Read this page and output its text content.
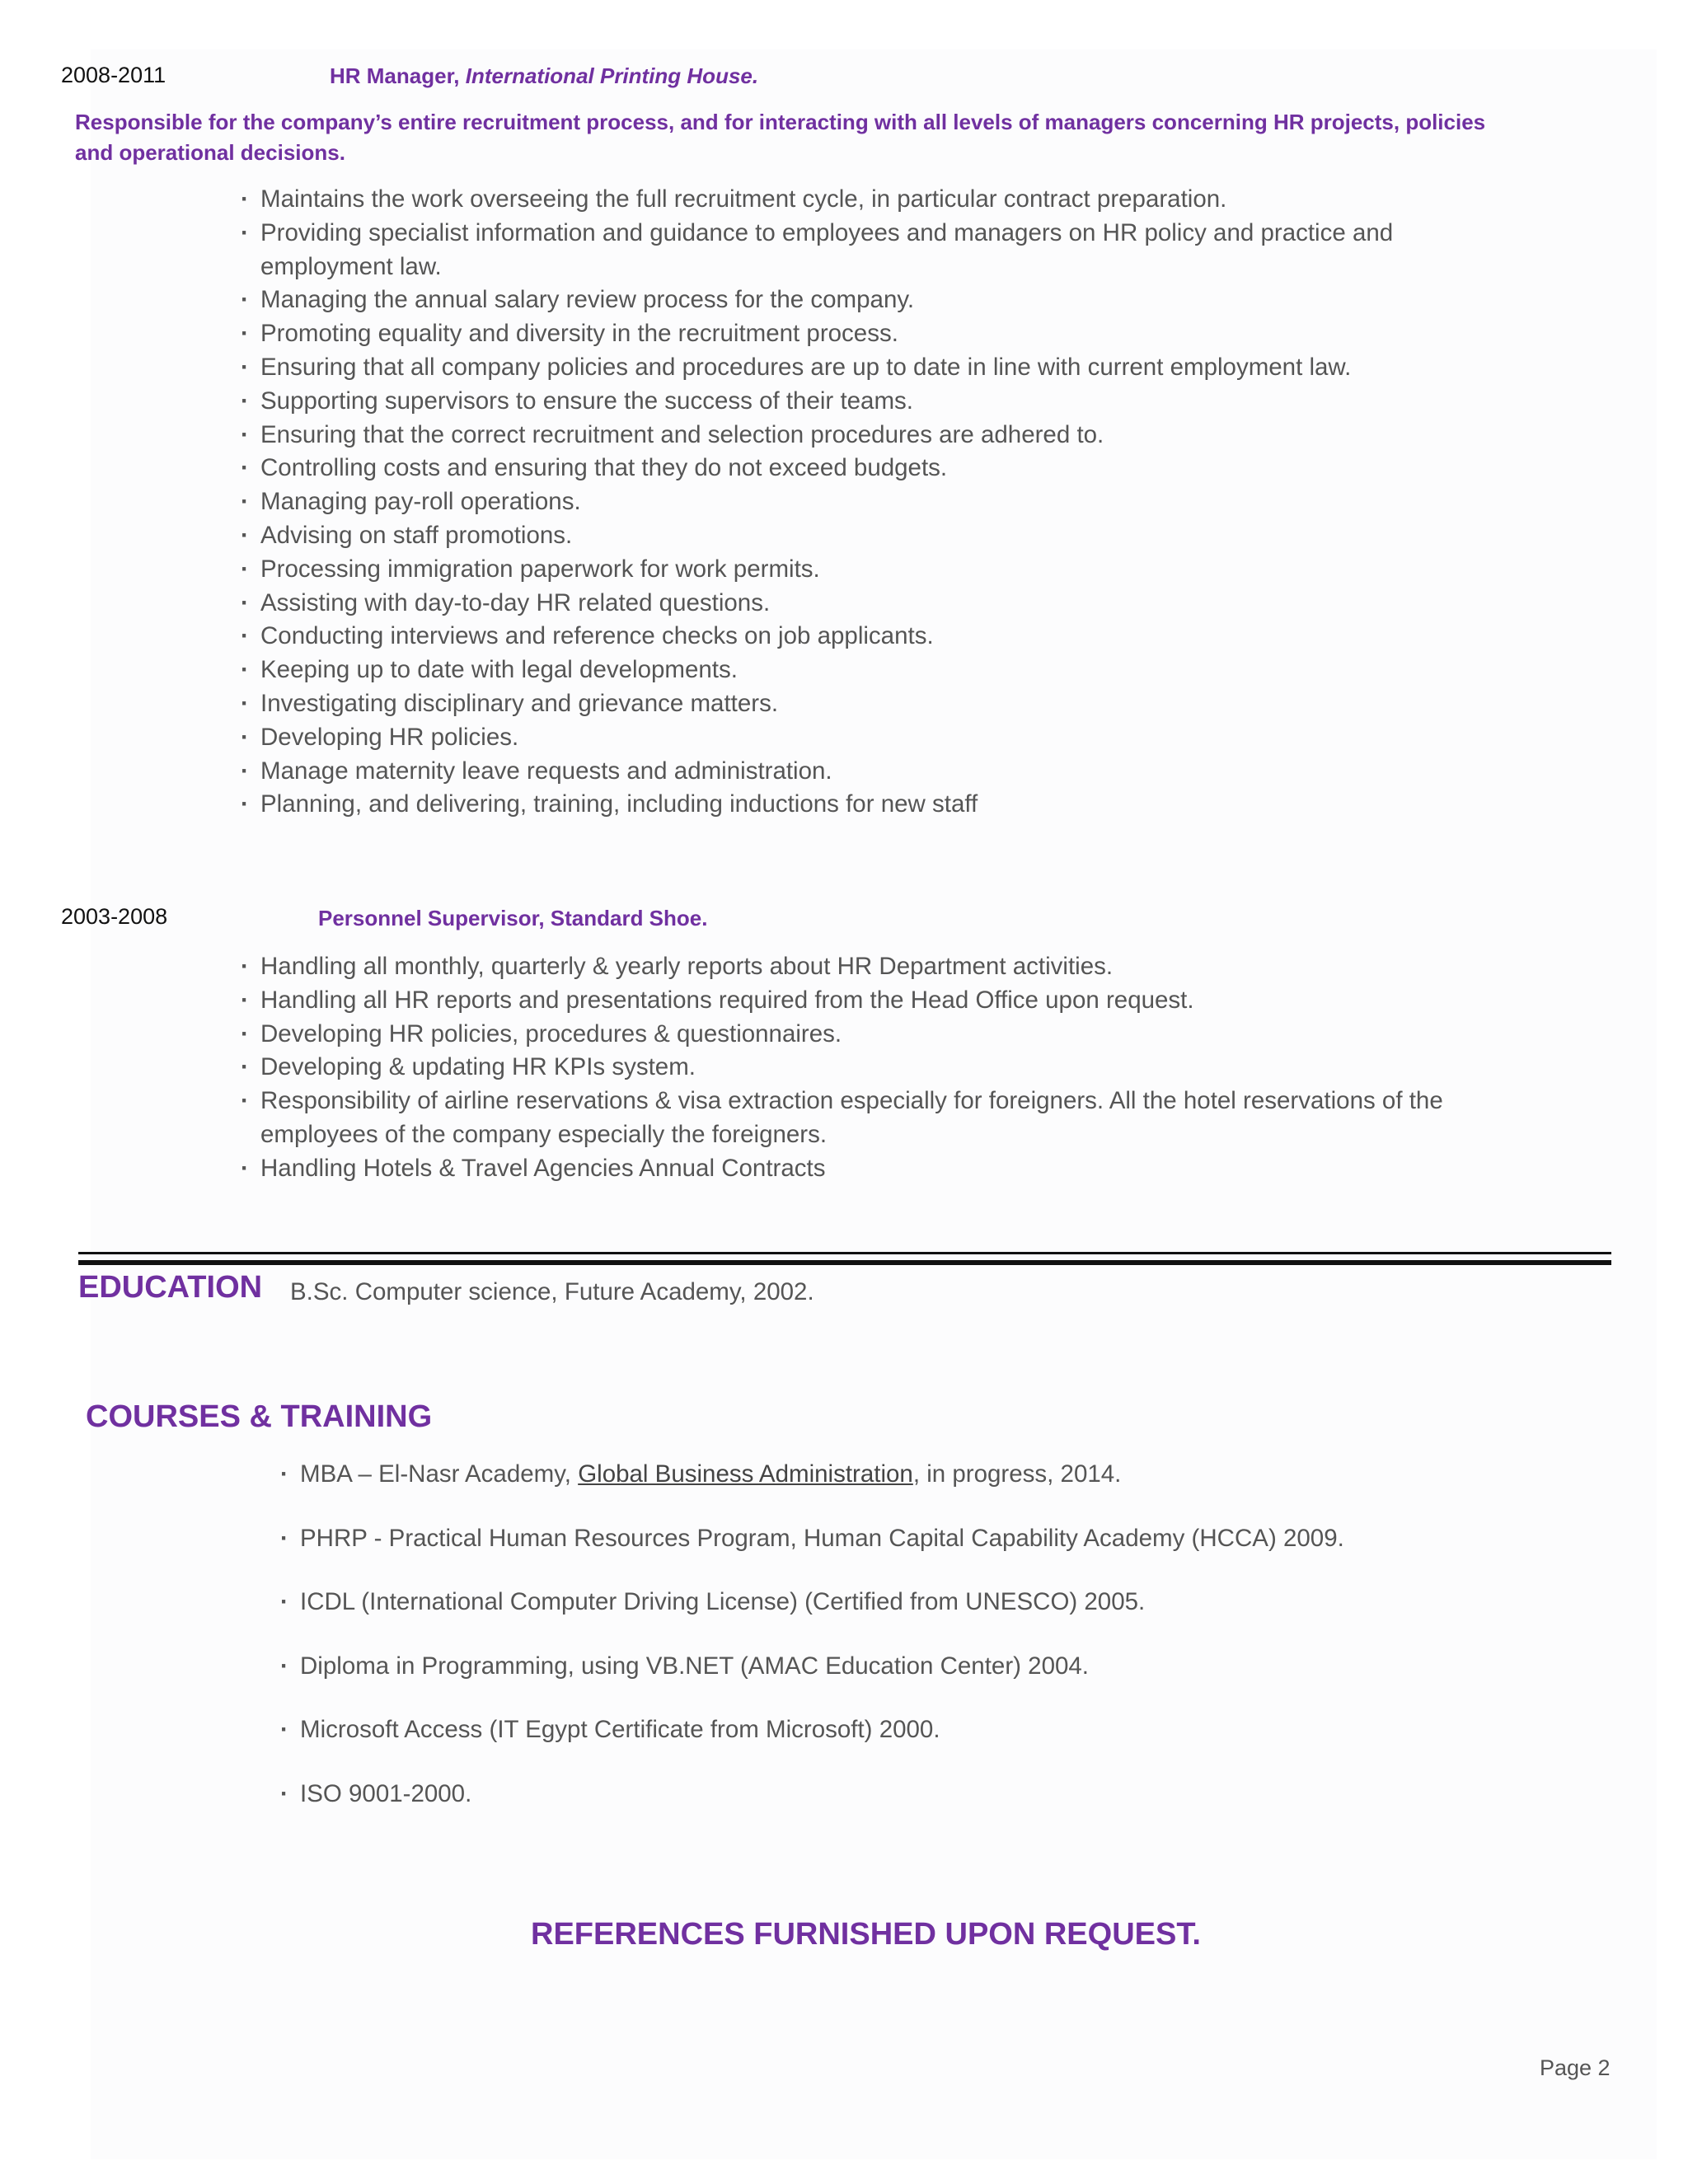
2008-2011	HR Manager, International Printing House.
Responsible for the company’s entire recruitment process, and for interacting with all levels of managers concerning HR projects, policies and operational decisions.
· Maintains the work overseeing the full recruitment cycle, in particular contract preparation.
· Providing specialist information and guidance to employees and managers on HR policy and practice and employment law.
· Managing the annual salary review process for the company.
· Promoting equality and diversity in the recruitment process.
· Ensuring that all company policies and procedures are up to date in line with current employment law.
· Supporting supervisors to ensure the success of their teams.
· Ensuring that the correct recruitment and selection procedures are adhered to.
· Controlling costs and ensuring that they do not exceed budgets.
· Managing pay-roll operations.
· Advising on staff promotions.
· Processing immigration paperwork for work permits.
· Assisting with day-to-day HR related questions.
· Conducting interviews and reference checks on job applicants.
· Keeping up to date with legal developments.
· Investigating disciplinary and grievance matters.
· Developing HR policies.
· Manage maternity leave requests and administration.
· Planning, and delivering, training, including inductions for new staff
2003-2008	Personnel Supervisor, Standard Shoe.
· Handling all monthly, quarterly & yearly reports about HR Department activities.
· Handling all HR reports and presentations required from the Head Office upon request.
· Developing HR policies, procedures & questionnaires.
· Developing & updating HR KPIs system.
· Responsibility of airline reservations & visa extraction especially for foreigners. All the hotel reservations of the employees of the company especially the foreigners.
· Handling Hotels & Travel Agencies Annual Contracts
EDUCATION B.Sc. Computer science, Future Academy, 2002.
COURSES & TRAINING
· MBA – El-Nasr Academy, Global Business Administration, in progress, 2014.
· PHRP - Practical Human Resources Program, Human Capital Capability Academy (HCCA) 2009.
· ICDL (International Computer Driving License) (Certified from UNESCO) 2005.
· Diploma in Programming, using VB.NET (AMAC Education Center) 2004.
· Microsoft Access (IT Egypt Certificate from Microsoft) 2000.
· ISO 9001-2000.
REFERENCES FURNISHED UPON REQUEST.
Page 2
